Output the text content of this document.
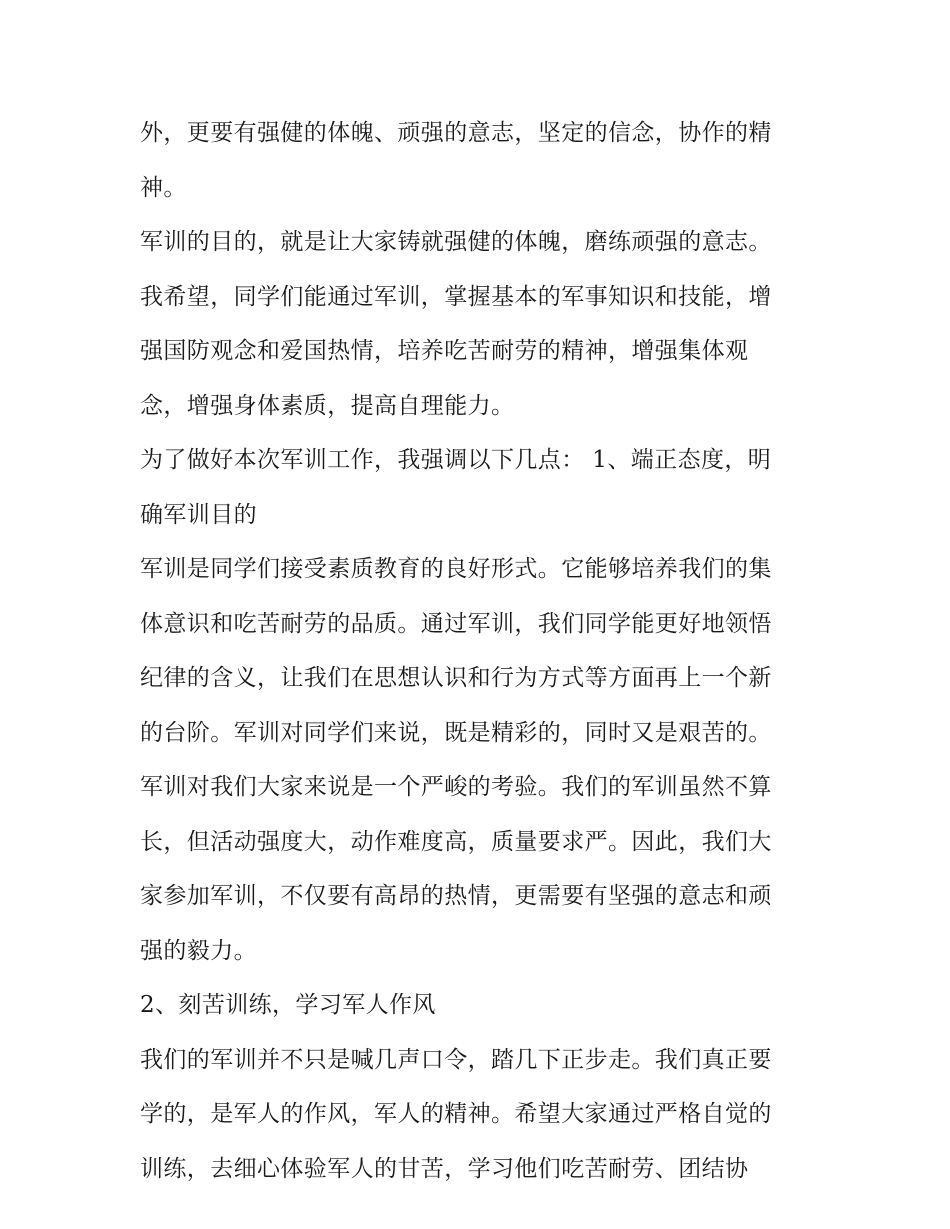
外，更要有强健的体魄、顽强的意志，坚定的信念，协作的精
神。
军训的目的，就是让大家铸就强健的体魄，磨练顽强的意志。
我希望，同学们能通过军训，掌握基本的军事知识和技能，增
强国防观念和爱国热情，培养吃苦耐劳的精神，增强集体观
念，增强身体素质，提高自理能力。
为了做好本次军训工作，我强调以下几点： 1、端正态度，明
确军训目的
军训是同学们接受素质教育的良好形式。它能够培养我们的集
体意识和吃苦耐劳的品质。通过军训，我们同学能更好地领悟
纪律的含义，让我们在思想认识和行为方式等方面再上一个新
的台阶。军训对同学们来说，既是精彩的，同时又是艰苦的。
军训对我们大家来说是一个严峻的考验。我们的军训虽然不算
长，但活动强度大，动作难度高，质量要求严。因此，我们大
家参加军训，不仅要有高昂的热情，更需要有坚强的意志和顽
强的毅力。
2、刻苦训练，学习军人作风
我们的军训并不只是喊几声口令，踏几下正步走。我们真正要
学的，是军人的作风，军人的精神。希望大家通过严格自觉的
训练，去细心体验军人的甘苦，学习他们吃苦耐劳、团结协
